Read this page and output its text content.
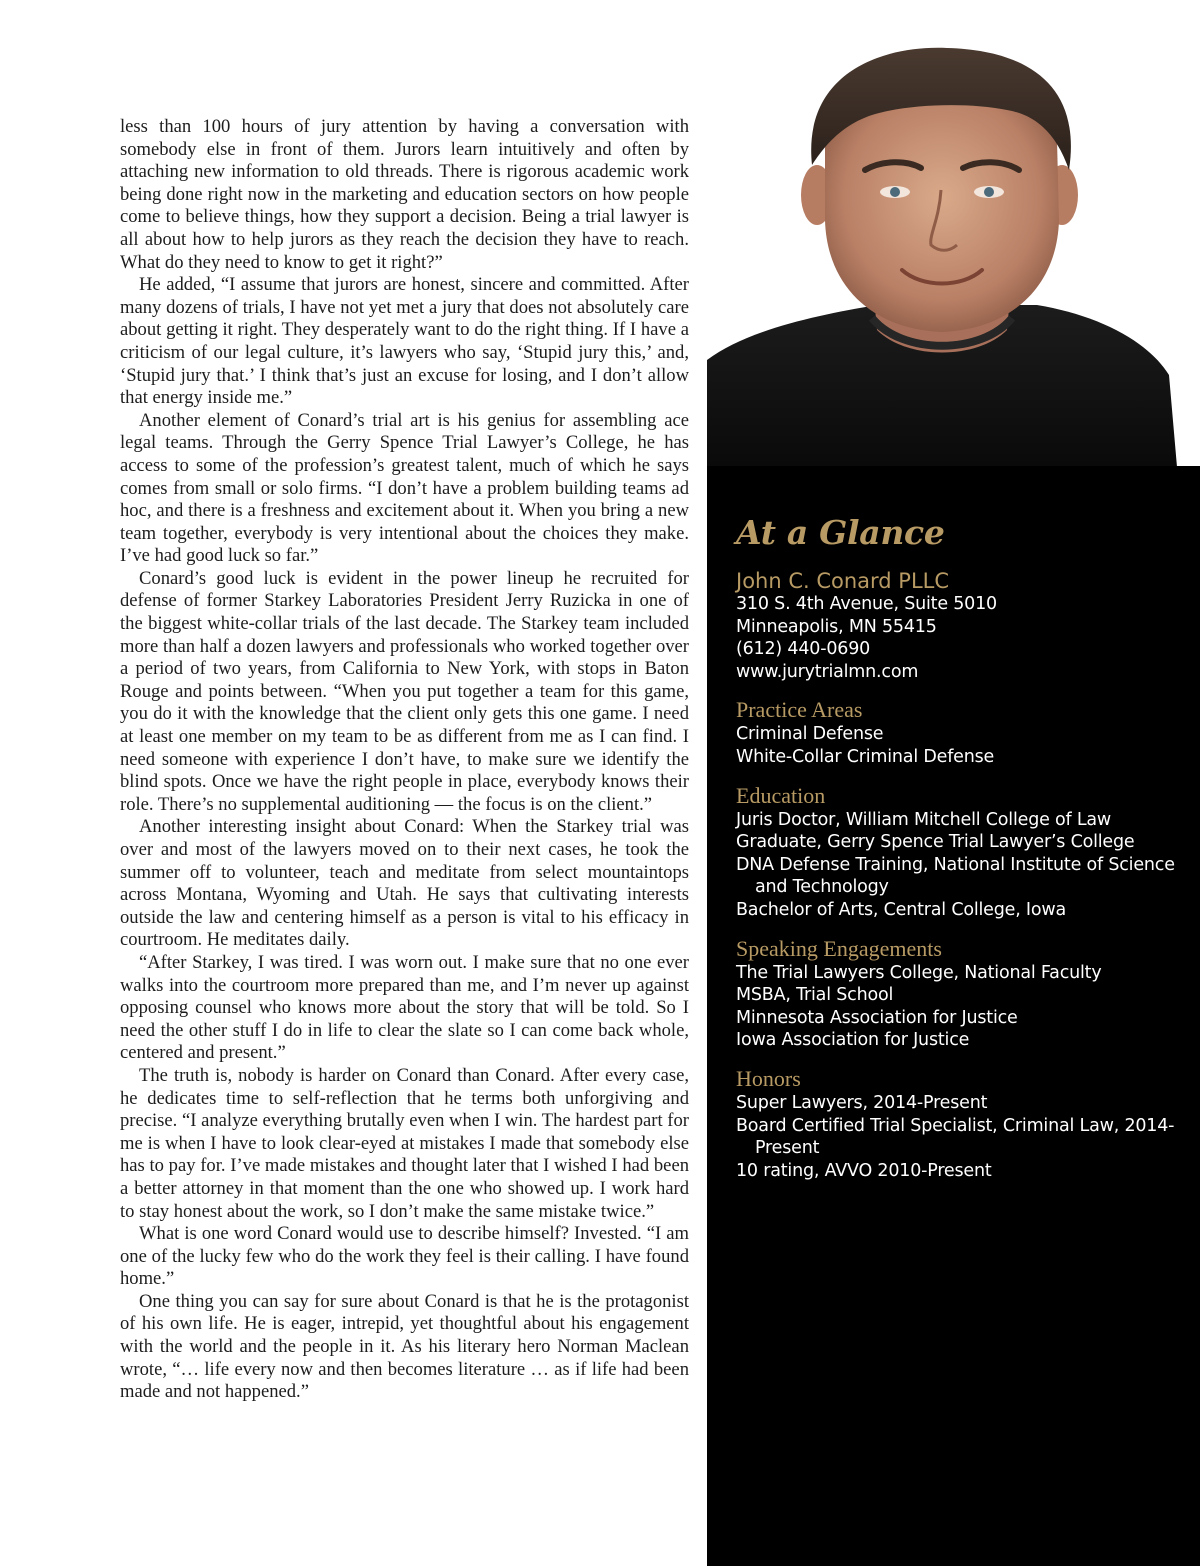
less than 100 hours of jury attention by having a conversation with somebody else in front of them. Jurors learn intuitively and often by attaching new information to old threads. There is rigorous academic work being done right now in the marketing and education sectors on how people come to believe things, how they support a decision. Being a trial lawyer is all about how to help jurors as they reach the decision they have to reach. What do they need to know to get it right?”

He added, “I assume that jurors are honest, sincere and committed. After many dozens of trials, I have not yet met a jury that does not absolutely care about getting it right. They desperately want to do the right thing. If I have a criticism of our legal culture, it’s lawyers who say, ‘Stupid jury this,’ and, ‘Stupid jury that.’ I think that’s just an excuse for losing, and I don’t allow that energy inside me.”

Another element of Conard’s trial art is his genius for assembling ace legal teams. Through the Gerry Spence Trial Lawyer’s College, he has access to some of the profession’s greatest talent, much of which he says comes from small or solo firms. “I don’t have a problem building teams ad hoc, and there is a freshness and excitement about it. When you bring a new team together, everybody is very intentional about the choices they make. I’ve had good luck so far.”

Conard’s good luck is evident in the power lineup he recruited for defense of former Starkey Laboratories President Jerry Ruzicka in one of the biggest white-collar trials of the last decade. The Starkey team included more than half a dozen lawyers and professionals who worked together over a period of two years, from California to New York, with stops in Baton Rouge and points between. “When you put together a team for this game, you do it with the knowledge that the client only gets this one game. I need at least one member on my team to be as different from me as I can find. I need someone with experience I don’t have, to make sure we identify the blind spots. Once we have the right people in place, everybody knows their role. There’s no supplemental auditioning — the focus is on the client.”

Another interesting insight about Conard: When the Starkey trial was over and most of the lawyers moved on to their next cases, he took the summer off to volunteer, teach and meditate from select mountaintops across Montana, Wyoming and Utah. He says that cultivating interests outside the law and centering himself as a person is vital to his efficacy in courtroom. He meditates daily.

“After Starkey, I was tired. I was worn out. I make sure that no one ever walks into the courtroom more prepared than me, and I’m never up against opposing counsel who knows more about the story that will be told. So I need the other stuff I do in life to clear the slate so I can come back whole, centered and present.”

The truth is, nobody is harder on Conard than Conard. After every case, he dedicates time to self-reflection that he terms both unforgiving and precise. “I analyze everything brutally even when I win. The hardest part for me is when I have to look clear-eyed at mistakes I made that somebody else has to pay for. I’ve made mistakes and thought later that I wished I had been a better attorney in that moment than the one who showed up. I work hard to stay honest about the work, so I don’t make the same mistake twice.”

What is one word Conard would use to describe himself? Invested. “I am one of the lucky few who do the work they feel is their calling. I have found home.”

One thing you can say for sure about Conard is that he is the protagonist of his own life. He is eager, intrepid, yet thoughtful about his engagement with the world and the people in it. As his literary hero Norman Maclean wrote, “… life every now and then becomes literature … as if life had been made and not happened.”

At a Glance

John C. Conard PLLC

310 S. 4th Avenue, Suite 5010

Minneapolis, MN 55415

(612) 440-0690

www.jurytrialmn.com

Practice Areas

Criminal Defense

White-Collar Criminal Defense

Education

Juris Doctor, William Mitchell College of Law

Graduate, Gerry Spence Trial Lawyer’s College

DNA Defense Training, National Institute of Science and Technology

Bachelor of Arts, Central College, Iowa

Speaking Engagements

The Trial Lawyers College, National Faculty

MSBA, Trial School

Minnesota Association for Justice

Iowa Association for Justice

Honors

Super Lawyers, 2014-Present

Board Certified Trial Specialist, Criminal Law, 2014-Present

10 rating, AVVO 2010-Present
